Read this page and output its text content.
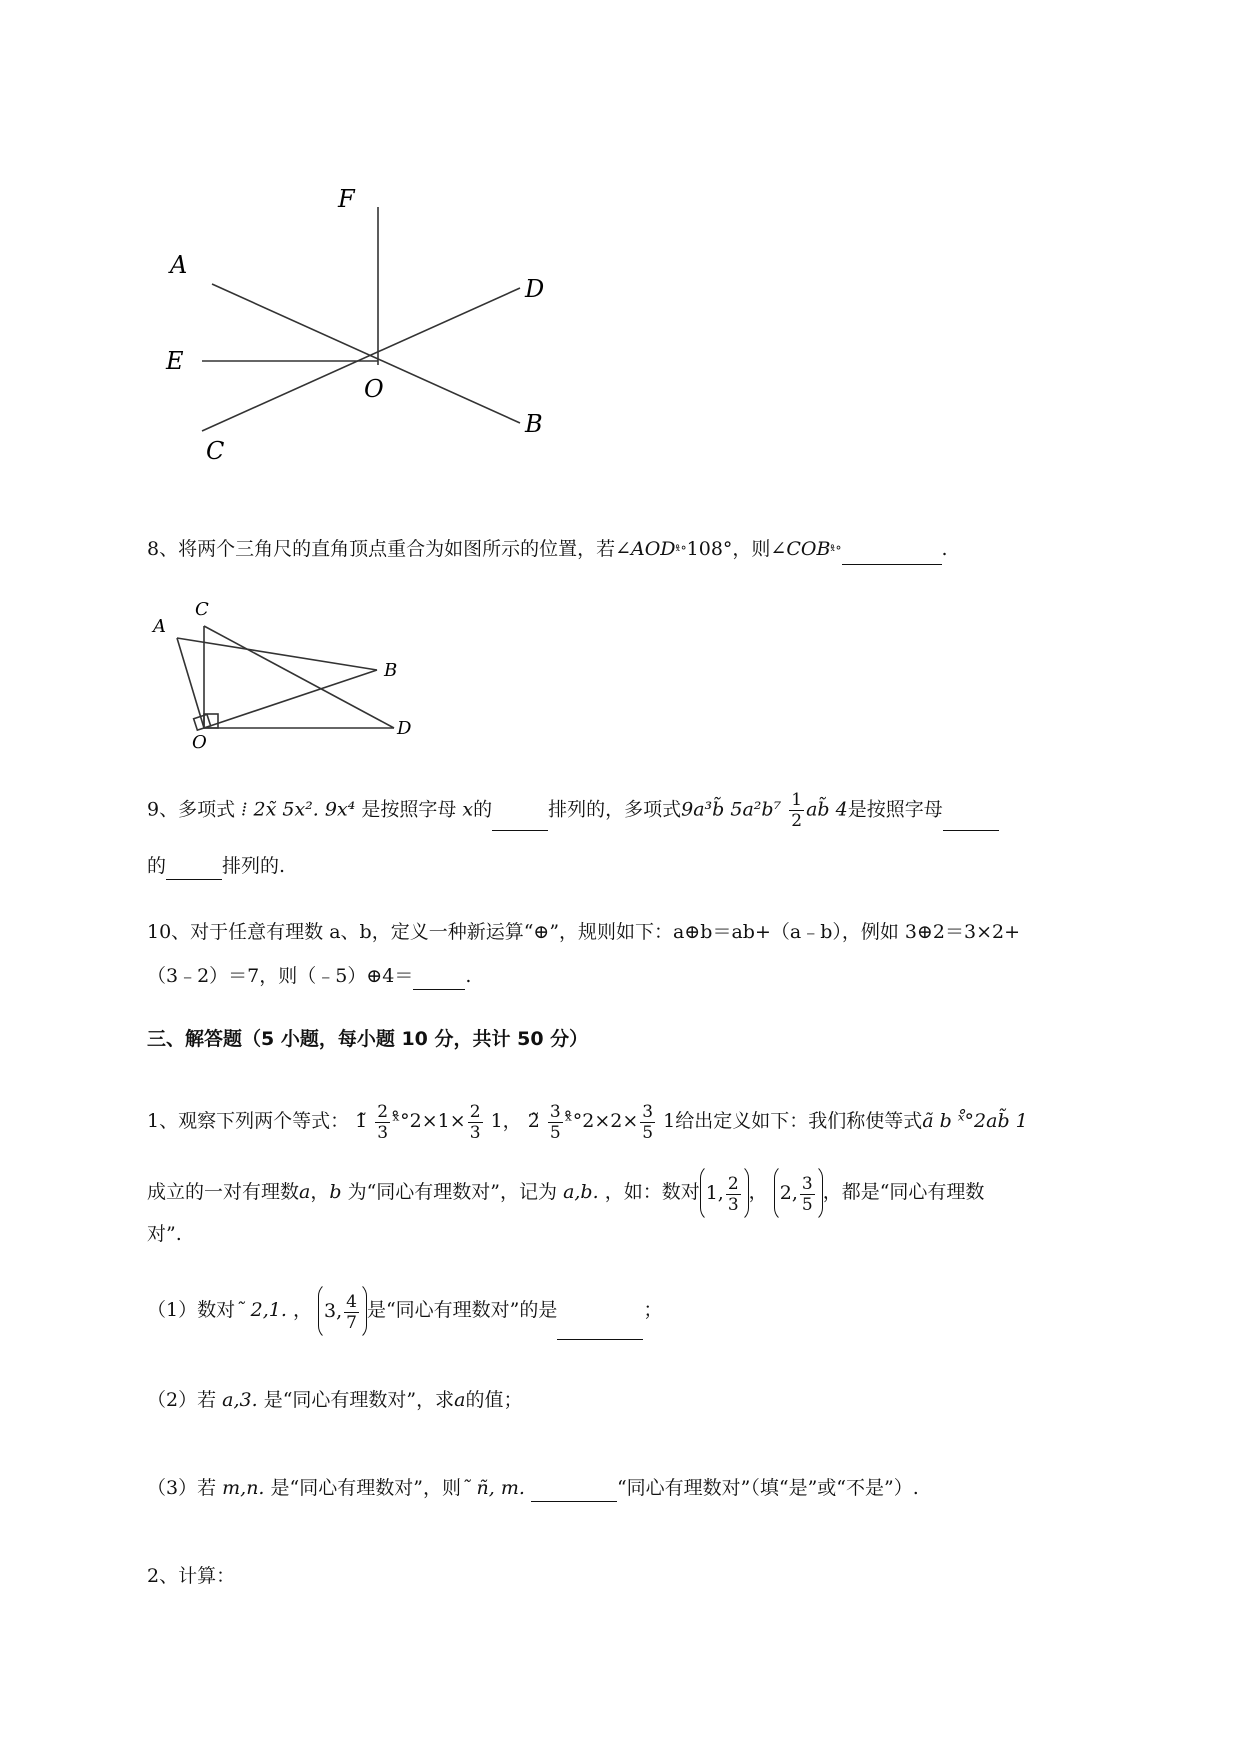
F
A
D
E
O
B
C
8、将两个三角尺的直角顶点重合为如图所示的位置，若∠AODˣ̊°108°，则∠COBˣ̊°	.
A
C
B
O
D
9、多项式 ⁞ 2x̃ 5x². 9x⁴ 是按照字母 x的	排列的，多项式9a³b̃ $5a^2b^7 \frac{1}{2}$ ab̃ 4是按照字母
的	排列的.
10、对于任意有理数 a、b，定义一种新运算“⊕”，规则如下：a⊕b＝ab+（a﹣b），例如 3⊕2＝3×2+
（3﹣2）＝7，则（﹣5）⊕4＝	.
三、解答题（5 小题，每小题 10 分，共计 50 分）
1、观察下列两个等式： 1̃ $\frac{2}{3}$ ˣ̊°2×1× $\frac{2}{3} 1$， 2̃ $\frac{3}{5}$ ˣ̊°2×2× $\frac{3}{5} 1$给出定义如下：我们称使等式ã b ˣ̊°2ab̃ 1
成立的一对有理数a，b 为“同心有理数对”，记为 a,b. ，如：数对 1, $\frac{2}{3}$ ， 2, $\frac{3}{5}$ ，都是“同心有理数
对”.
（1）数对˜ 2,1. ， 3, $\frac{4}{7}$ 是“同心有理数对”的是	；
（2）若 a,3. 是“同心有理数对”，求a的值；
（3）若 m,n. 是“同心有理数对”，则˜ ñ, m.	“同心有理数对”（填“是”或“不是”）.
2、计算：
